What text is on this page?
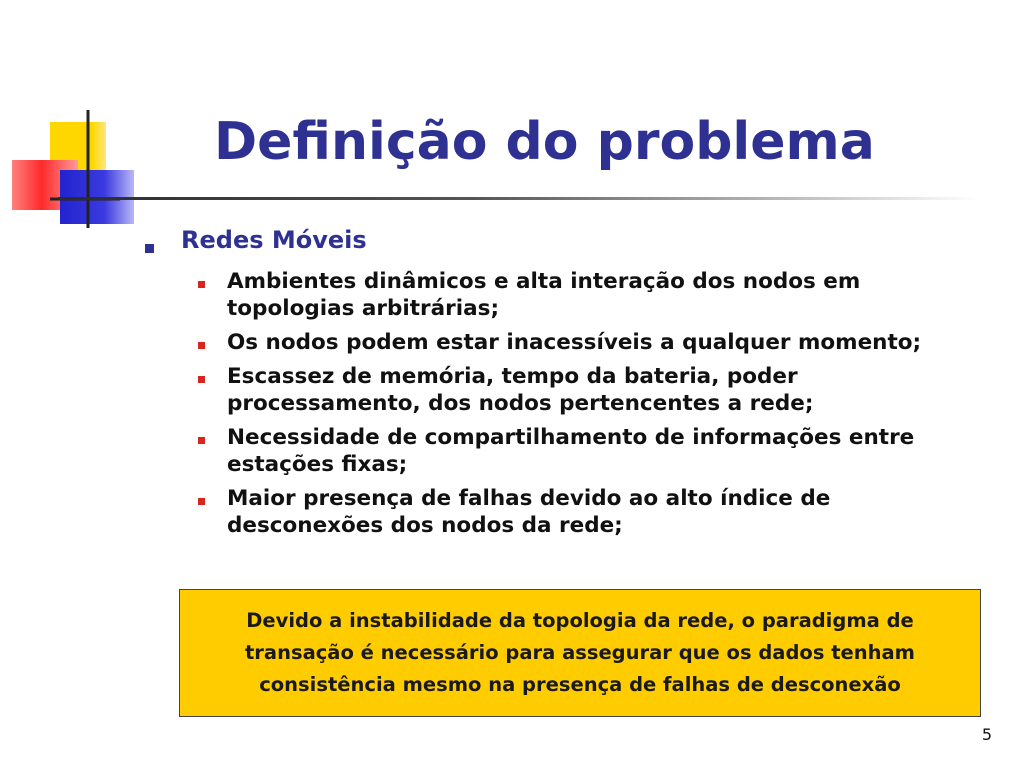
Definição do problema
Redes Móveis
Ambientes dinâmicos e alta interação dos nodos em topologias arbitrárias;
Os nodos podem estar inacessíveis a qualquer momento;
Escassez de memória, tempo da bateria, poder processamento, dos nodos pertencentes a rede;
Necessidade de compartilhamento de informações entre estações fixas;
Maior presença de falhas devido ao alto índice de desconexões dos nodos da rede;
Devido a instabilidade da topologia da rede, o paradigma de
transação é necessário para assegurar que os dados tenham
consistência mesmo na presença de falhas de desconexão
5
